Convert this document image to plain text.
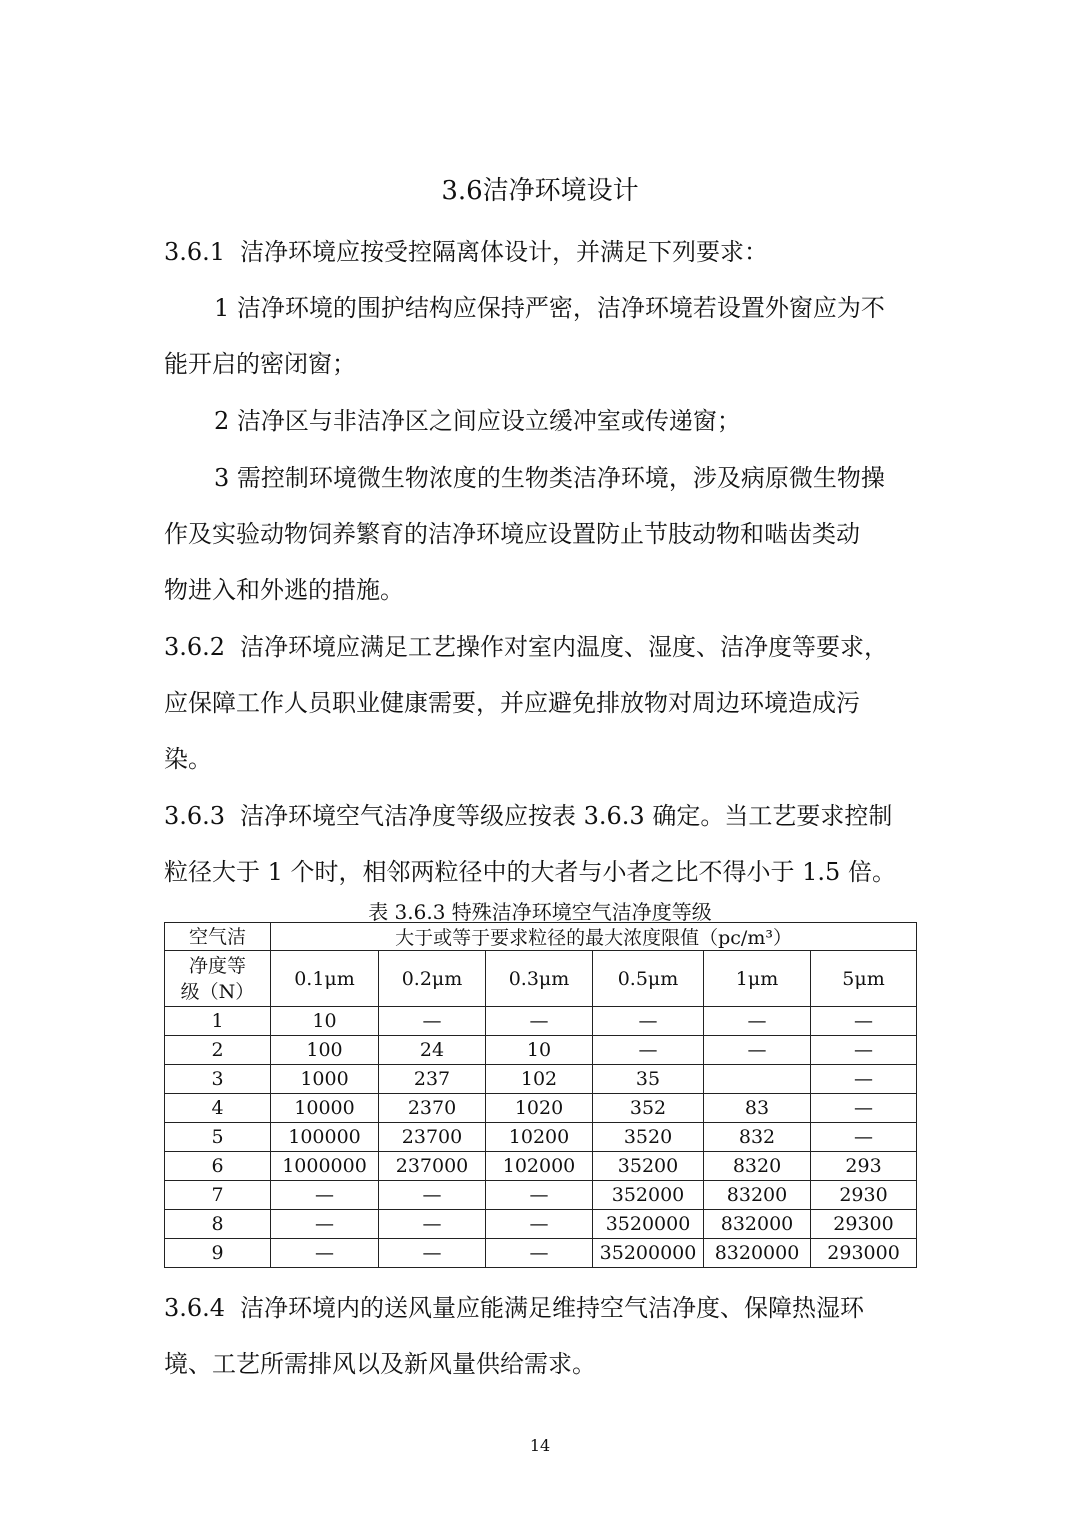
3.6洁净环境设计
3.6.1 洁净环境应按受控隔离体设计，并满足下列要求：
1 洁净环境的围护结构应保持严密，洁净环境若设置外窗应为不
能开启的密闭窗；
2 洁净区与非洁净区之间应设立缓冲室或传递窗；
3 需控制环境微生物浓度的生物类洁净环境，涉及病原微生物操
作及实验动物饲养繁育的洁净环境应设置防止节肢动物和啮齿类动
物进入和外逃的措施。
3.6.2 洁净环境应满足工艺操作对室内温度、湿度、洁净度等要求，
应保障工作人员职业健康需要，并应避免排放物对周边环境造成污
染。
3.6.3 洁净环境空气洁净度等级应按表 3.6.3 确定。当工艺要求控制
粒径大于 1 个时，相邻两粒径中的大者与小者之比不得小于 1.5 倍。
表 3.6.3 特殊洁净环境空气洁净度等级
空气洁	大于或等于要求粒径的最大浓度限值（pc/m³）					
净度等
级（N）	0.1μm	0.2μm	0.3μm	0.5μm	1μm	5μm
1	10	—	—	—	—	—
2	100	24	10	—	—	—
3	1000	237	102	35		—
4	10000	2370	1020	352	83	—
5	100000	23700	10200	3520	832	—
6	1000000	237000	102000	35200	8320	293
7	—	—	—	352000	83200	2930
8	—	—	—	3520000	832000	29300
9	—	—	—	35200000	8320000	293000
3.6.4 洁净环境内的送风量应能满足维持空气洁净度、保障热湿环
境、工艺所需排风以及新风量供给需求。
14
